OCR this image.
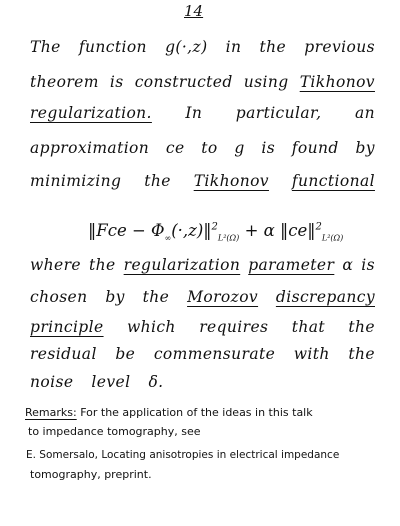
14
The function g(·,z) in the previous
theorem is constructed using Tikhonov
regularization. In particular, an
approximation ce to g is found by
minimizing the Tikhonov functional
‖Fce − $\Phi_\infty(\cdot,z)‖^2_{L^2(\Omega)} + \alpha$ ‖ce‖$^2_{L^2(\Omega)}$
where the regularization parameter α is
chosen by the Morozov discrepancy
principle which requires that the
residual be commensurate with the
noise level δ.
Remarks: For the application of the ideas in this talk
to impedance tomography, see
E. Somersalo, Locating anisotropies in electrical impedance
tomography, preprint.
